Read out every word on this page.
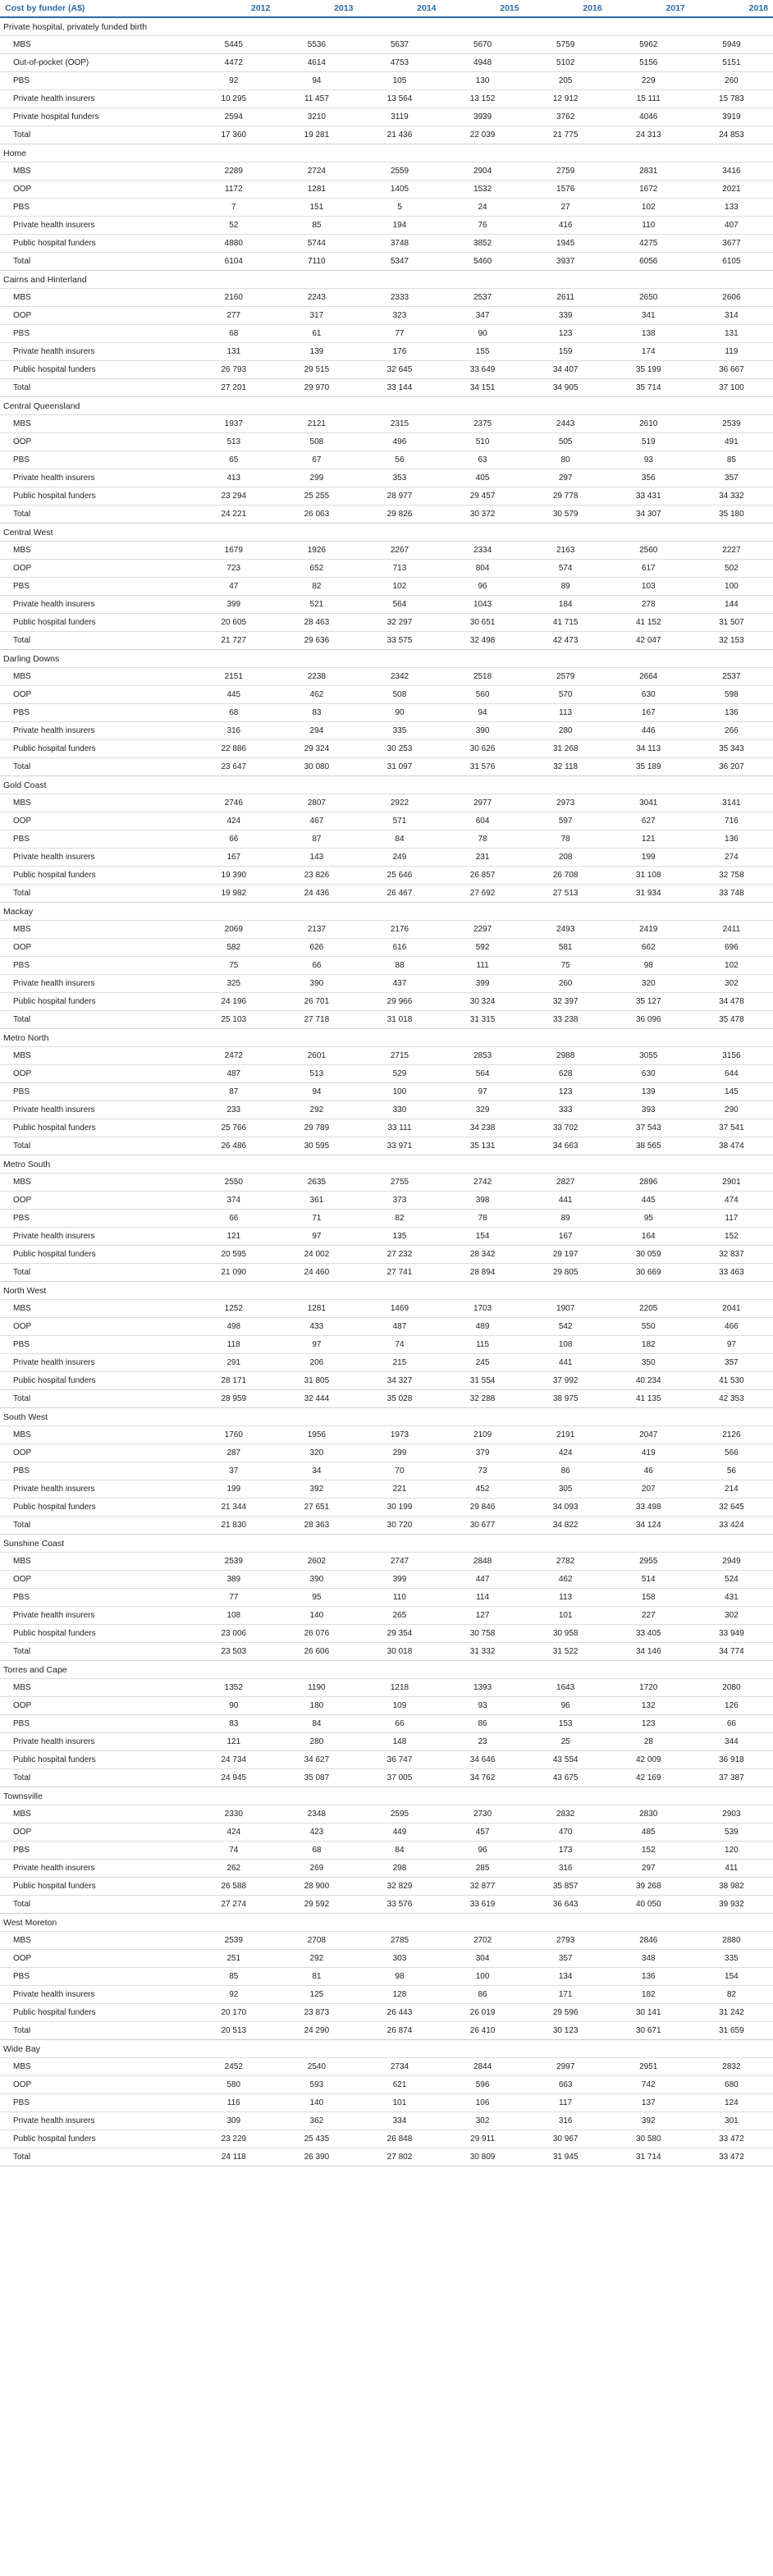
Cost by funder (A$)	2012	2013	2014	2015	2016	2017	2018
Private hospital, privately funded birth							
MBS	5445	5536	5637	5670	5759	5962	5949
Out-of-pocket (OOP)	4472	4614	4753	4948	5102	5156	5151
PBS	92	94	105	130	205	229	260
Private health insurers	10 295	11 457	13 564	13 152	12 912	15 111	15 783
Private hospital funders	2594	3210	3119	3939	3762	4046	3919
Total	17 360	19 281	21 436	22 039	21 775	24 313	24 853
Home							
MBS	2289	2724	2559	2904	2759	2831	3416
OOP	1172	1281	1405	1532	1576	1672	2021
PBS	7	151	5	24	27	102	133
Private health insurers	52	85	194	76	416	110	407
Public hospital funders	4880	5744	3748	3852	1945	4275	3677
Total	6104	7110	5347	5460	3937	6056	6105
Cairns and Hinterland							
MBS	2160	2243	2333	2537	2611	2650	2606
OOP	277	317	323	347	339	341	314
PBS	68	61	77	90	123	138	131
Private health insurers	131	139	176	155	159	174	119
Public hospital funders	26 793	29 515	32 645	33 649	34 407	35 199	36 667
Total	27 201	29 970	33 144	34 151	34 905	35 714	37 100
Central Queensland							
MBS	1937	2121	2315	2375	2443	2610	2539
OOP	513	508	496	510	505	519	491
PBS	65	67	56	63	80	93	85
Private health insurers	413	299	353	405	297	356	357
Public hospital funders	23 294	25 255	28 977	29 457	29 778	33 431	34 332
Total	24 221	26 063	29 826	30 372	30 579	34 307	35 180
Central West							
MBS	1679	1926	2267	2334	2163	2560	2227
OOP	723	652	713	804	574	617	502
PBS	47	82	102	96	89	103	100
Private health insurers	399	521	564	1043	184	278	144
Public hospital funders	20 605	28 463	32 297	30 651	41 715	41 152	31 507
Total	21 727	29 636	33 575	32 498	42 473	42 047	32 153
Darling Downs							
MBS	2151	2238	2342	2518	2579	2664	2537
OOP	445	462	508	560	570	630	598
PBS	68	83	90	94	113	167	136
Private health insurers	316	294	335	390	280	446	266
Public hospital funders	22 886	29 324	30 253	30 626	31 268	34 113	35 343
Total	23 647	30 080	31 097	31 576	32 118	35 189	36 207
Gold Coast							
MBS	2746	2807	2922	2977	2973	3041	3141
OOP	424	467	571	604	597	627	716
PBS	66	87	84	78	78	121	136
Private health insurers	167	143	249	231	208	199	274
Public hospital funders	19 390	23 826	25 646	26 857	26 708	31 108	32 758
Total	19 982	24 436	26 467	27 692	27 513	31 934	33 748
Mackay							
MBS	2069	2137	2176	2297	2493	2419	2411
OOP	582	626	616	592	581	662	696
PBS	75	66	88	111	75	98	102
Private health insurers	325	390	437	399	260	320	302
Public hospital funders	24 196	26 701	29 966	30 324	32 397	35 127	34 478
Total	25 103	27 718	31 018	31 315	33 238	36 096	35 478
Metro North							
MBS	2472	2601	2715	2853	2988	3055	3156
OOP	487	513	529	564	628	630	644
PBS	87	94	100	97	123	139	145
Private health insurers	233	292	330	329	333	393	290
Public hospital funders	25 766	29 789	33 111	34 238	33 702	37 543	37 541
Total	26 486	30 595	33 971	35 131	34 663	38 565	38 474
Metro South							
MBS	2550	2635	2755	2742	2827	2896	2901
OOP	374	361	373	398	441	445	474
PBS	66	71	82	78	89	95	117
Private health insurers	121	97	135	154	167	164	152
Public hospital funders	20 595	24 002	27 232	28 342	29 197	30 059	32 837
Total	21 090	24 460	27 741	28 894	29 805	30 669	33 463
North West							
MBS	1252	1281	1469	1703	1907	2205	2041
OOP	498	433	487	489	542	550	466
PBS	118	97	74	115	108	182	97
Private health insurers	291	206	215	245	441	350	357
Public hospital funders	28 171	31 805	34 327	31 554	37 992	40 234	41 530
Total	28 959	32 444	35 028	32 288	38 975	41 135	42 353
South West							
MBS	1760	1956	1973	2109	2191	2047	2126
OOP	287	320	299	379	424	419	566
PBS	37	34	70	73	86	46	56
Private health insurers	199	392	221	452	305	207	214
Public hospital funders	21 344	27 651	30 199	29 846	34 093	33 498	32 645
Total	21 830	28 363	30 720	30 677	34 822	34 124	33 424
Sunshine Coast							
MBS	2539	2602	2747	2848	2782	2955	2949
OOP	389	390	399	447	462	514	524
PBS	77	95	110	114	113	158	431
Private health insurers	108	140	265	127	101	227	302
Public hospital funders	23 006	26 076	29 354	30 758	30 958	33 405	33 949
Total	23 503	26 606	30 018	31 332	31 522	34 146	34 774
Torres and Cape							
MBS	1352	1190	1218	1393	1643	1720	2080
OOP	90	180	109	93	96	132	126
PBS	83	84	66	86	153	123	66
Private health insurers	121	280	148	23	25	28	344
Public hospital funders	24 734	34 627	36 747	34 646	43 554	42 009	36 918
Total	24 945	35 087	37 005	34 762	43 675	42 169	37 387
Townsville							
MBS	2330	2348	2595	2730	2832	2830	2903
OOP	424	423	449	457	470	485	539
PBS	74	68	84	96	173	152	120
Private health insurers	262	269	298	285	316	297	411
Public hospital funders	26 588	28 900	32 829	32 877	35 857	39 268	38 982
Total	27 274	29 592	33 576	33 619	36 643	40 050	39 932
West Moreton							
MBS	2539	2708	2785	2702	2793	2846	2880
OOP	251	292	303	304	357	348	335
PBS	85	81	98	100	134	136	154
Private health insurers	92	125	128	86	171	182	82
Public hospital funders	20 170	23 873	26 443	26 019	29 596	30 141	31 242
Total	20 513	24 290	26 874	26 410	30 123	30 671	31 659
Wide Bay							
MBS	2452	2540	2734	2844	2997	2951	2832
OOP	580	593	621	596	663	742	680
PBS	116	140	101	106	117	137	124
Private health insurers	309	362	334	302	316	392	301
Public hospital funders	23 229	25 435	26 848	29 911	30 967	30 580	33 472
Total	24 118	26 390	27 802	30 809	31 945	31 714	33 472
